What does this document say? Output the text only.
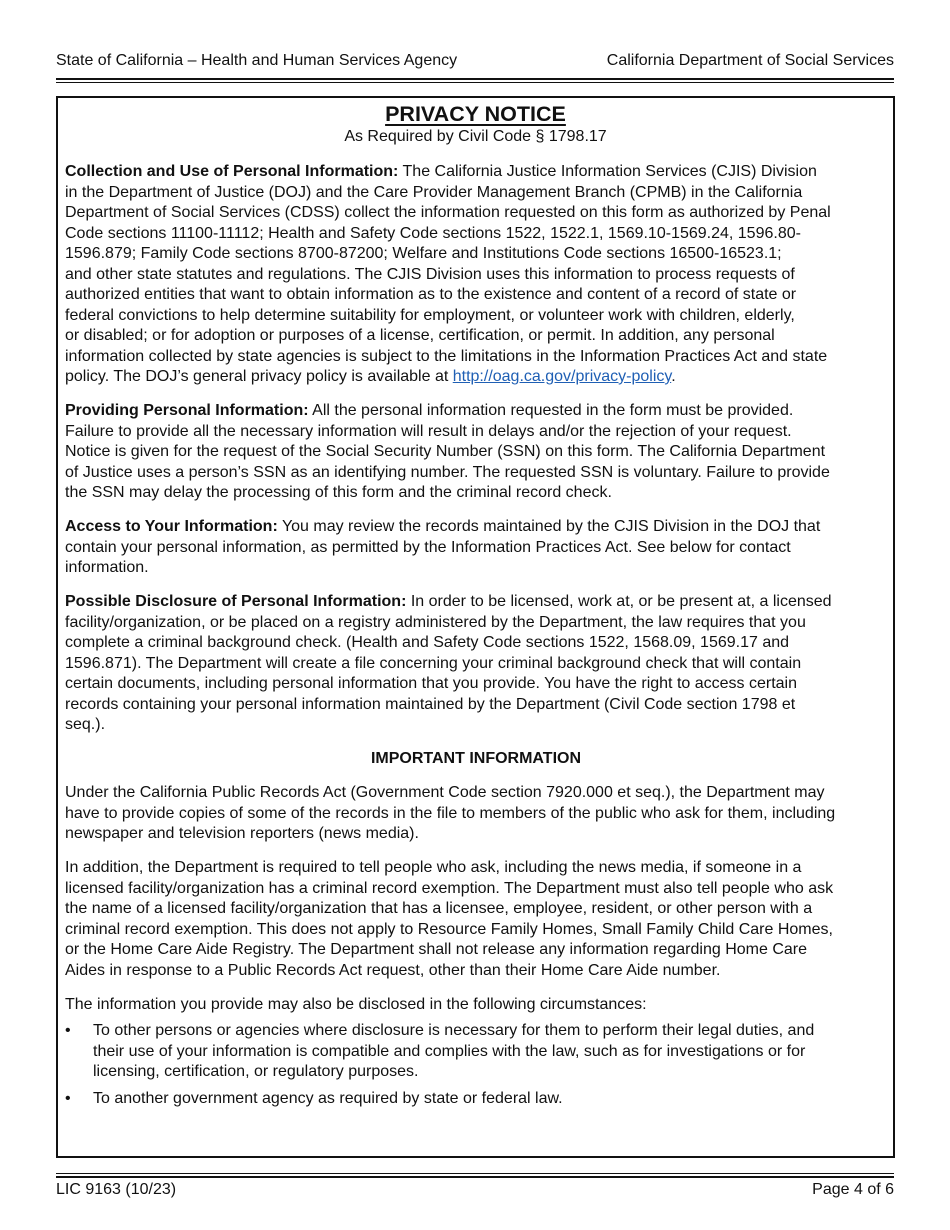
State of California – Health and Human Services Agency	California Department of Social Services
PRIVACY NOTICE
As Required by Civil Code § 1798.17

Collection and Use of Personal Information: The California Justice Information Services (CJIS) Division
in the Department of Justice (DOJ) and the Care Provider Management Branch (CPMB) in the California
Department of Social Services (CDSS) collect the information requested on this form as authorized by Penal
Code sections 11100-11112; Health and Safety Code sections 1522, 1522.1, 1569.10-1569.24, 1596.80-
1596.879; Family Code sections 8700-87200; Welfare and Institutions Code sections 16500-16523.1;
and other state statutes and regulations. The CJIS Division uses this information to process requests of
authorized entities that want to obtain information as to the existence and content of a record of state or
federal convictions to help determine suitability for employment, or volunteer work with children, elderly,
or disabled; or for adoption or purposes of a license, certification, or permit. In addition, any personal
information collected by state agencies is subject to the limitations in the Information Practices Act and state
policy. The DOJ’s general privacy policy is available at http://oag.ca.gov/privacy-policy.

Providing Personal Information: All the personal information requested in the form must be provided.
Failure to provide all the necessary information will result in delays and/or the rejection of your request.
Notice is given for the request of the Social Security Number (SSN) on this form. The California Department
of Justice uses a person’s SSN as an identifying number. The requested SSN is voluntary. Failure to provide
the SSN may delay the processing of this form and the criminal record check.

Access to Your Information: You may review the records maintained by the CJIS Division in the DOJ that
contain your personal information, as permitted by the Information Practices Act. See below for contact
information.

Possible Disclosure of Personal Information: In order to be licensed, work at, or be present at, a licensed
facility/organization, or be placed on a registry administered by the Department, the law requires that you
complete a criminal background check. (Health and Safety Code sections 1522, 1568.09, 1569.17 and
1596.871). The Department will create a file concerning your criminal background check that will contain
certain documents, including personal information that you provide. You have the right to access certain
records containing your personal information maintained by the Department (Civil Code section 1798 et
seq.).

IMPORTANT INFORMATION

Under the California Public Records Act (Government Code section 7920.000 et seq.), the Department may
have to provide copies of some of the records in the file to members of the public who ask for them, including
newspaper and television reporters (news media).

In addition, the Department is required to tell people who ask, including the news media, if someone in a
licensed facility/organization has a criminal record exemption. The Department must also tell people who ask
the name of a licensed facility/organization that has a licensee, employee, resident, or other person with a
criminal record exemption. This does not apply to Resource Family Homes, Small Family Child Care Homes,
or the Home Care Aide Registry. The Department shall not release any information regarding Home Care
Aides in response to a Public Records Act request, other than their Home Care Aide number.

The information you provide may also be disclosed in the following circumstances:

•	To other persons or agencies where disclosure is necessary for them to perform their legal duties, and
their use of your information is compatible and complies with the law, such as for investigations or for
licensing, certification, or regulatory purposes.
•	To another government agency as required by state or federal law.
LIC 9163 (10/23)	Page 4 of 6
